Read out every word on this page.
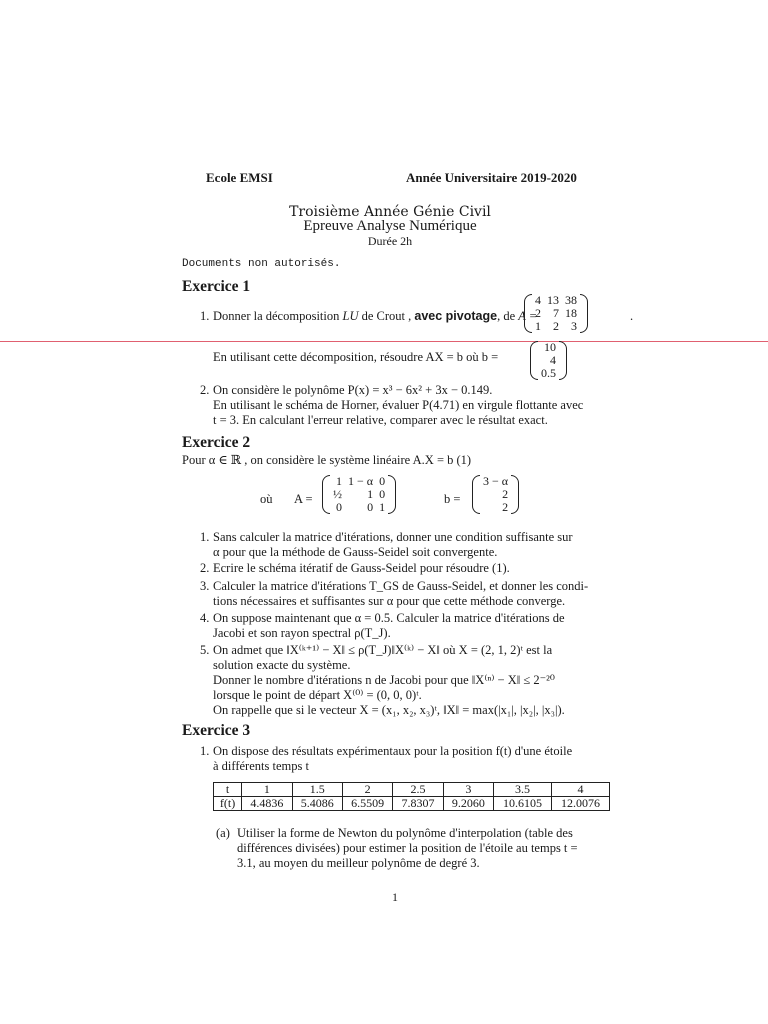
Ecole EMSI	Année Universitaire 2019-2020
Troisième Année Génie Civil
Epreuve Analyse Numérique
Durée 2h
Documents non autorisés.
Exercice 1
1. Donner la décomposition LU de Crout , avec pivotage, de A =
4	13	38
2	7	18
1	2	3
.
En utilisant cette décomposition, résoudre AX = b où b =
10
4
0.5
2. On considère le polynôme P(x) = x³ − 6x² + 3x − 0.149.
En utilisant le schéma de Horner, évaluer P(4.71) en virgule flottante avec
t = 3. En calculant l'erreur relative, comparer avec le résultat exact.
Exercice 2
Pour α ∈ ℝ , on considère le système linéaire A.X = b (1)
où A =
1	1 − α	0
½	1	0
0	0	1
b =
3 − α
2
2
1. Sans calculer la matrice d'itérations, donner une condition suffisante sur
α pour que la méthode de Gauss-Seidel soit convergente.
2. Ecrire le schéma itératif de Gauss-Seidel pour résoudre (1).
3. Calculer la matrice d'itérations T_GS de Gauss-Seidel, et donner les condi-
tions nécessaires et suffisantes sur α pour que cette méthode converge.
4. On suppose maintenant que α = 0.5. Calculer la matrice d'itérations de
Jacobi et son rayon spectral ρ(T_J).
5. On admet que ‖X⁽ᵏ⁺¹⁾ − X‖ ≤ ρ(T_J)‖X⁽ᵏ⁾ − X‖ où X = (2, 1, 2)ᵗ est la
solution exacte du système.
Donner le nombre d'itérations n de Jacobi pour que ‖X⁽ⁿ⁾ − X‖ ≤ 2⁻²⁰
lorsque le point de départ X⁽⁰⁾ = (0, 0, 0)ᵗ.
On rappelle que si le vecteur X = (x₁, x₂, x₃)ᵗ, ‖X‖ = max(|x₁|, |x₂|, |x₃|).
Exercice 3
1. On dispose des résultats expérimentaux pour la position f(t) d'une étoile
à différents temps t
t	1	1.5	2	2.5	3	3.5	4
f(t)	4.4836	5.4086	6.5509	7.8307	9.2060	10.6105	12.0076
(a) Utiliser la forme de Newton du polynôme d'interpolation (table des
différences divisées) pour estimer la position de l'étoile au temps t =
3.1, au moyen du meilleur polynôme de degré 3.
1
